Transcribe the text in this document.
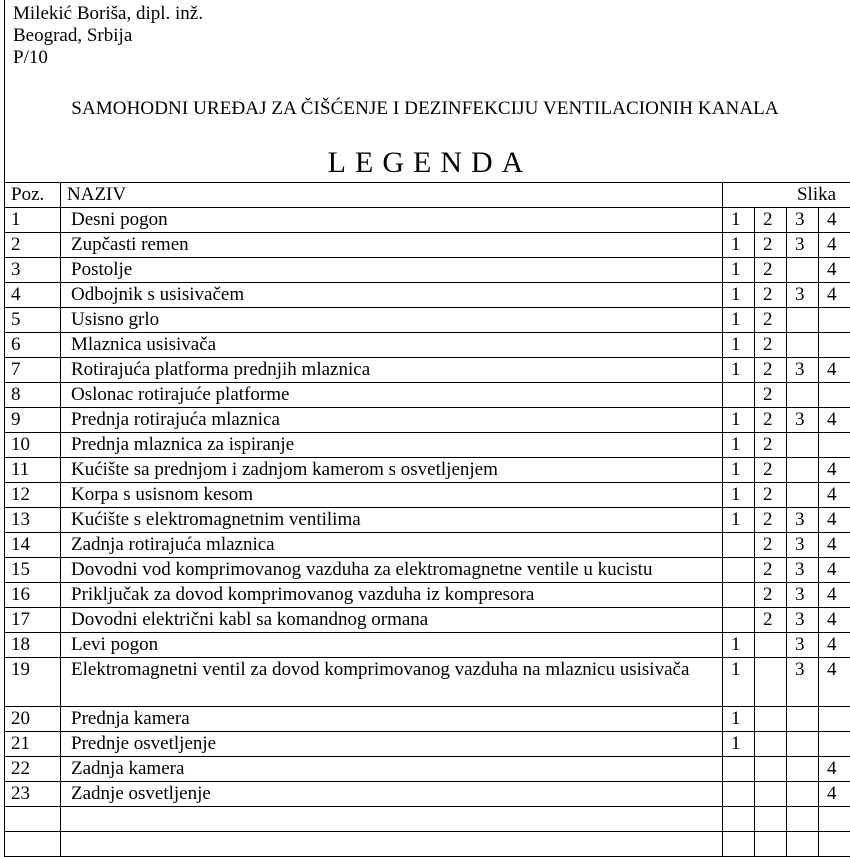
Milekić Boriša, dipl. inž.
Beograd, Srbija
P/10
SAMOHODNI UREĐAJ ZA ČIŠĆENJE I DEZINFEKCIJU VENTILACIONIH KANALA
LEGENDA
Poz.	NAZIV	Slika			
1	Desni pogon	1	2	3	4
2	Zupčasti remen	1	2	3	4
3	Postolje	1	2		4
4	Odbojnik s usisivačem	1	2	3	4
5	Usisno grlo	1	2		
6	Mlaznica usisivača	1	2		
7	Rotirajuća platforma prednjih mlaznica	1	2	3	4
8	Oslonac rotirajuće platforme		2		
9	Prednja rotirajuća mlaznica	1	2	3	4
10	Prednja mlaznica za ispiranje	1	2		
11	Kućište sa prednjom i zadnjom kamerom s osvetljenjem	1	2		4
12	Korpa s usisnom kesom	1	2		4
13	Kućište s elektromagnetnim ventilima	1	2	3	4
14	Zadnja rotirajuća mlaznica		2	3	4
15	Dovodni vod komprimovanog vazduha za elektromagnetne ventile u kucistu		2	3	4
16	Priključak za dovod komprimovanog vazduha iz kompresora		2	3	4
17	Dovodni električni kabl sa komandnog ormana		2	3	4
18	Levi pogon	1		3	4
19	Elektromagnetni ventil za dovod komprimovanog vazduha na mlaznicu usisivača	1		3	4
20	Prednja kamera	1			
21	Prednje osvetljenje	1			
22	Zadnja kamera				4
23	Zadnje osvetljenje				4
